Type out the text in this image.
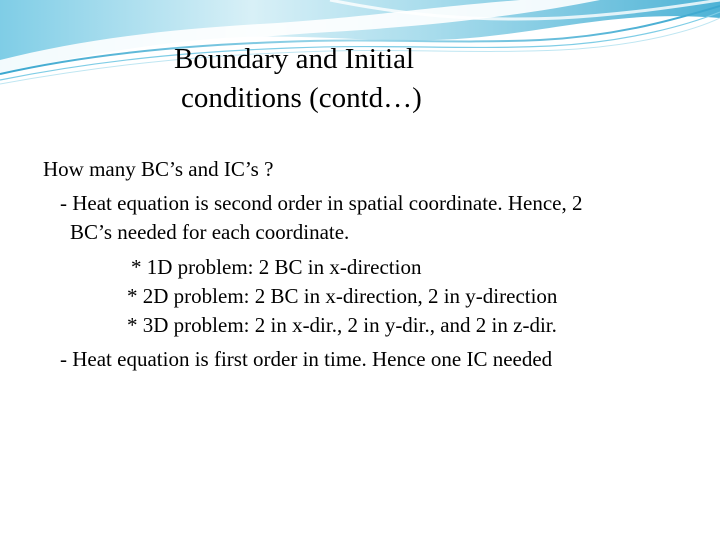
Boundary and Initial
conditions (contd…)
How many BC’s and IC’s ?
- Heat equation is second order in spatial coordinate. Hence, 2
BC’s needed for each coordinate.
* 1D problem: 2 BC in x-direction
* 2D problem: 2 BC in x-direction, 2 in y-direction
* 3D problem: 2 in x-dir., 2 in y-dir., and 2 in z-dir.
- Heat equation is first order in time. Hence one IC needed
